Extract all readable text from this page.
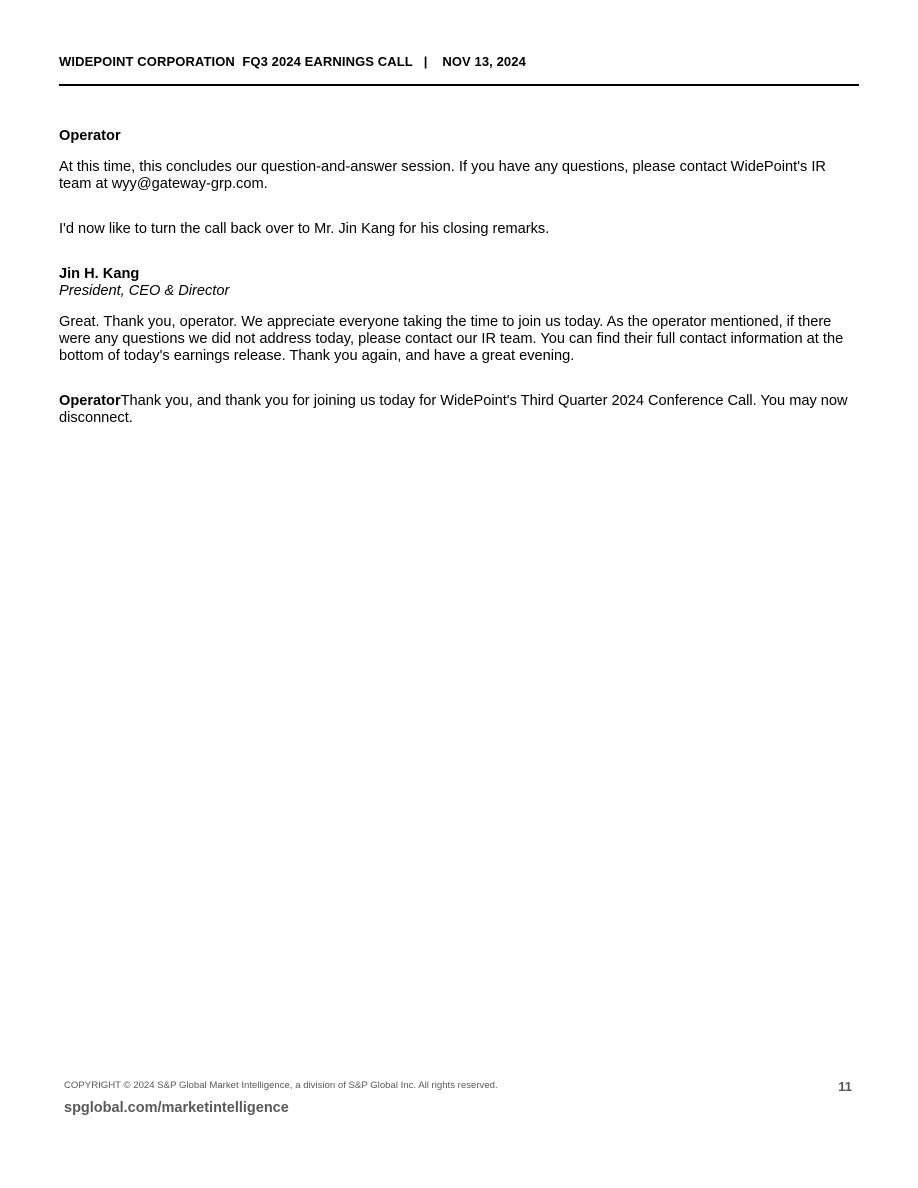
WIDEPOINT CORPORATION  FQ3 2024 EARNINGS CALL   |    NOV 13, 2024
Operator

At this time, this concludes our question-and-answer session. If you have any questions, please contact WidePoint's IR team at wyy@gateway-grp.com.

I'd now like to turn the call back over to Mr. Jin Kang for his closing remarks.

Jin H. Kang
President, CEO & Director

Great. Thank you, operator. We appreciate everyone taking the time to join us today. As the operator mentioned, if there were any questions we did not address today, please contact our IR team. You can find their full contact information at the bottom of today's earnings release. Thank you again, and have a great evening.

OperatorThank you, and thank you for joining us today for WidePoint's Third Quarter 2024 Conference Call. You may now disconnect.

COPYRIGHT © 2024 S&P Global Market Intelligence, a division of S&P Global Inc. All rights reserved.	11
spglobal.com/marketintelligence
